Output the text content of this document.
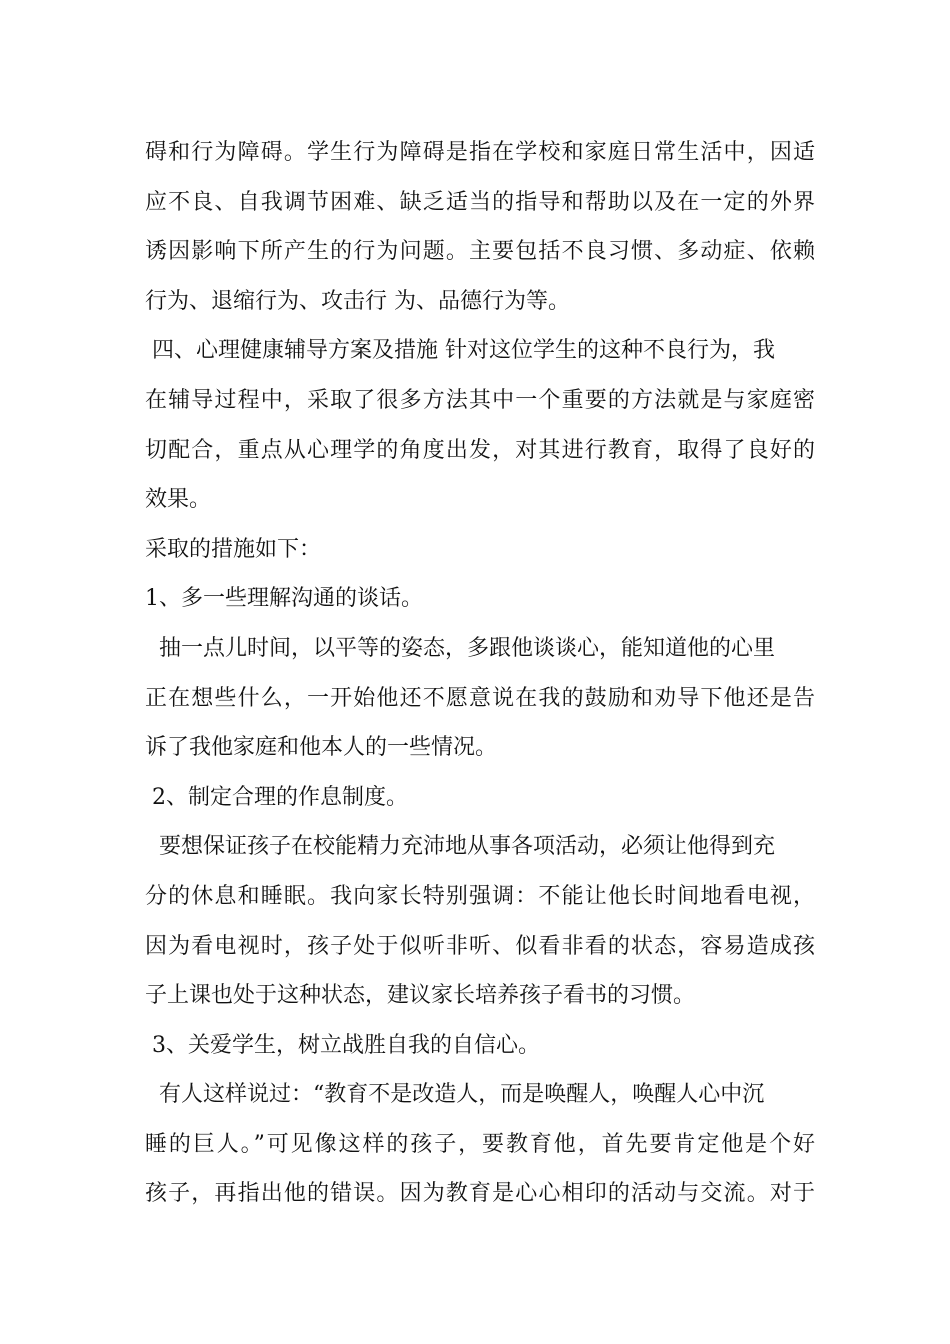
碍和行为障碍。学生行为障碍是指在学校和家庭日常生活中，因适
应不良、自我调节困难、缺乏适当的指导和帮助以及在一定的外界
诱因影响下所产生的行为问题。主要包括不良习惯、多动症、依赖
行为、退缩行为、攻击行 为、品德行为等。
四、心理健康辅导方案及措施 针对这位学生的这种不良行为，我
在辅导过程中，采取了很多方法其中一个重要的方法就是与家庭密
切配合，重点从心理学的角度出发，对其进行教育，取得了良好的
效果。
采取的措施如下：
1、多一些理解沟通的谈话。
抽一点儿时间，以平等的姿态，多跟他谈谈心，能知道他的心里
正在想些什么，一开始他还不愿意说在我的鼓励和劝导下他还是告
诉了我他家庭和他本人的一些情况。
2、制定合理的作息制度。
要想保证孩子在校能精力充沛地从事各项活动，必须让他得到充
分的休息和睡眠。我向家长特别强调：不能让他长时间地看电视，
因为看电视时，孩子处于似听非听、似看非看的状态，容易造成孩
子上课也处于这种状态，建议家长培养孩子看书的习惯。
3、关爱学生，树立战胜自我的自信心。
有人这样说过：“教育不是改造人，而是唤醒人，唤醒人心中沉
睡的巨人。”可见像这样的孩子，要教育他，首先要肯定他是个好
孩子，再指出他的错误。因为教育是心心相印的活动与交流。对于
